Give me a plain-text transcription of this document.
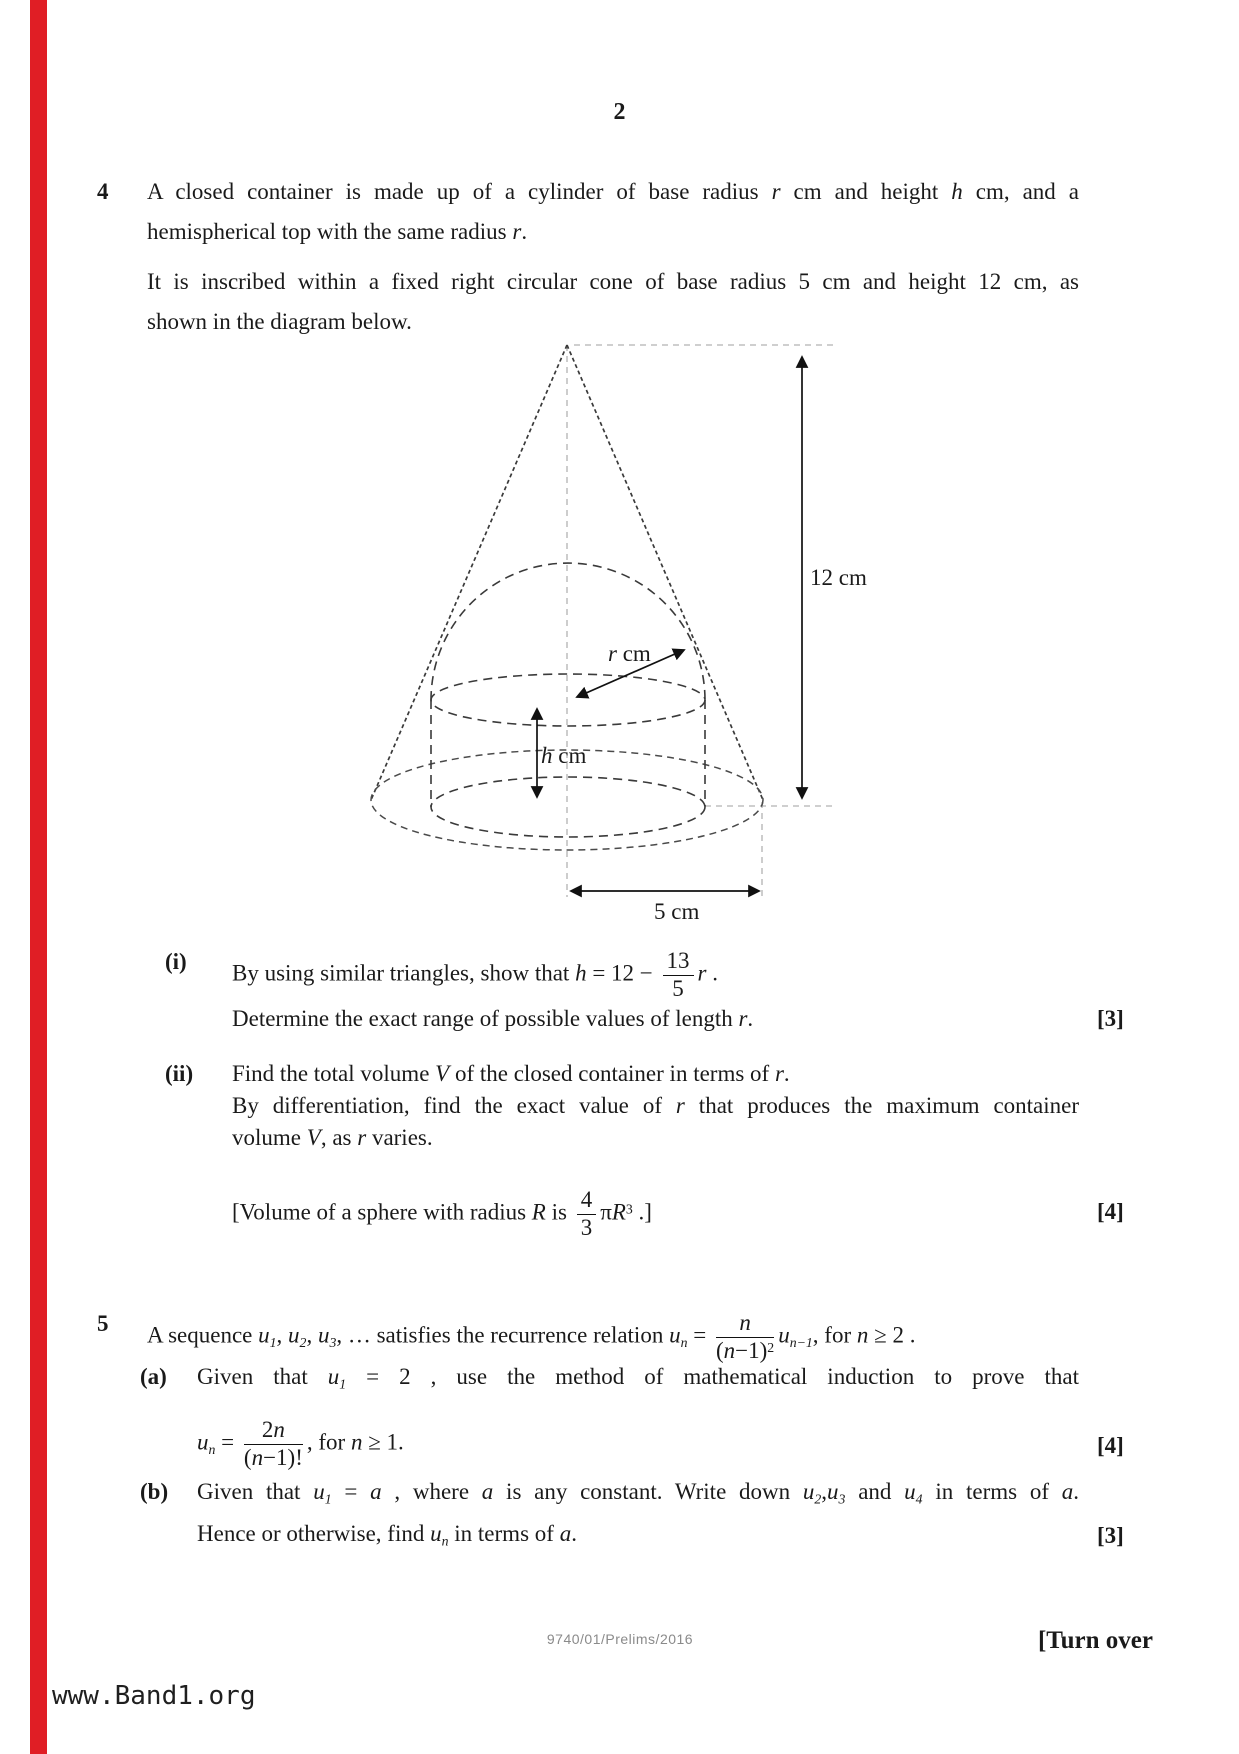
2
4 A closed container is made up of a cylinder of base radius r cm and height h cm, and a
hemispherical top with the same radius r.
It is inscribed within a fixed right circular cone of base radius 5 cm and height 12 cm, as
shown in the diagram below.
r cm
h cm
12 cm
5 cm
(i) By using similar triangles, show that $h = 12 - \frac{13}{5}$ r .
Determine the exact range of possible values of length r.	[3]
(ii) Find the total volume V of the closed container in terms of r.
By differentiation, find the exact value of r that produces the maximum container
volume V, as r varies.
[Volume of a sphere with radius R is $\frac{4}{3} \pi R^3$ .]	[4]
5 A sequence u1, u2, u3, … satisfies the recurrence relation un = $\frac{n}{(n-1)^2} un-1$, for n ≥ 2 .
(a) Given that u1 = 2 , use the method of mathematical induction to prove that
un = $\frac{2n}{(n-1)!}$ , for n ≥ 1.	[4]
(b) Given that u1 = a , where a is any constant. Write down u2,u3 and u4 in terms of a.
Hence or otherwise, find un in terms of a.	[3]
9740/01/Prelims/2016	[Turn over
www.Band1.org
